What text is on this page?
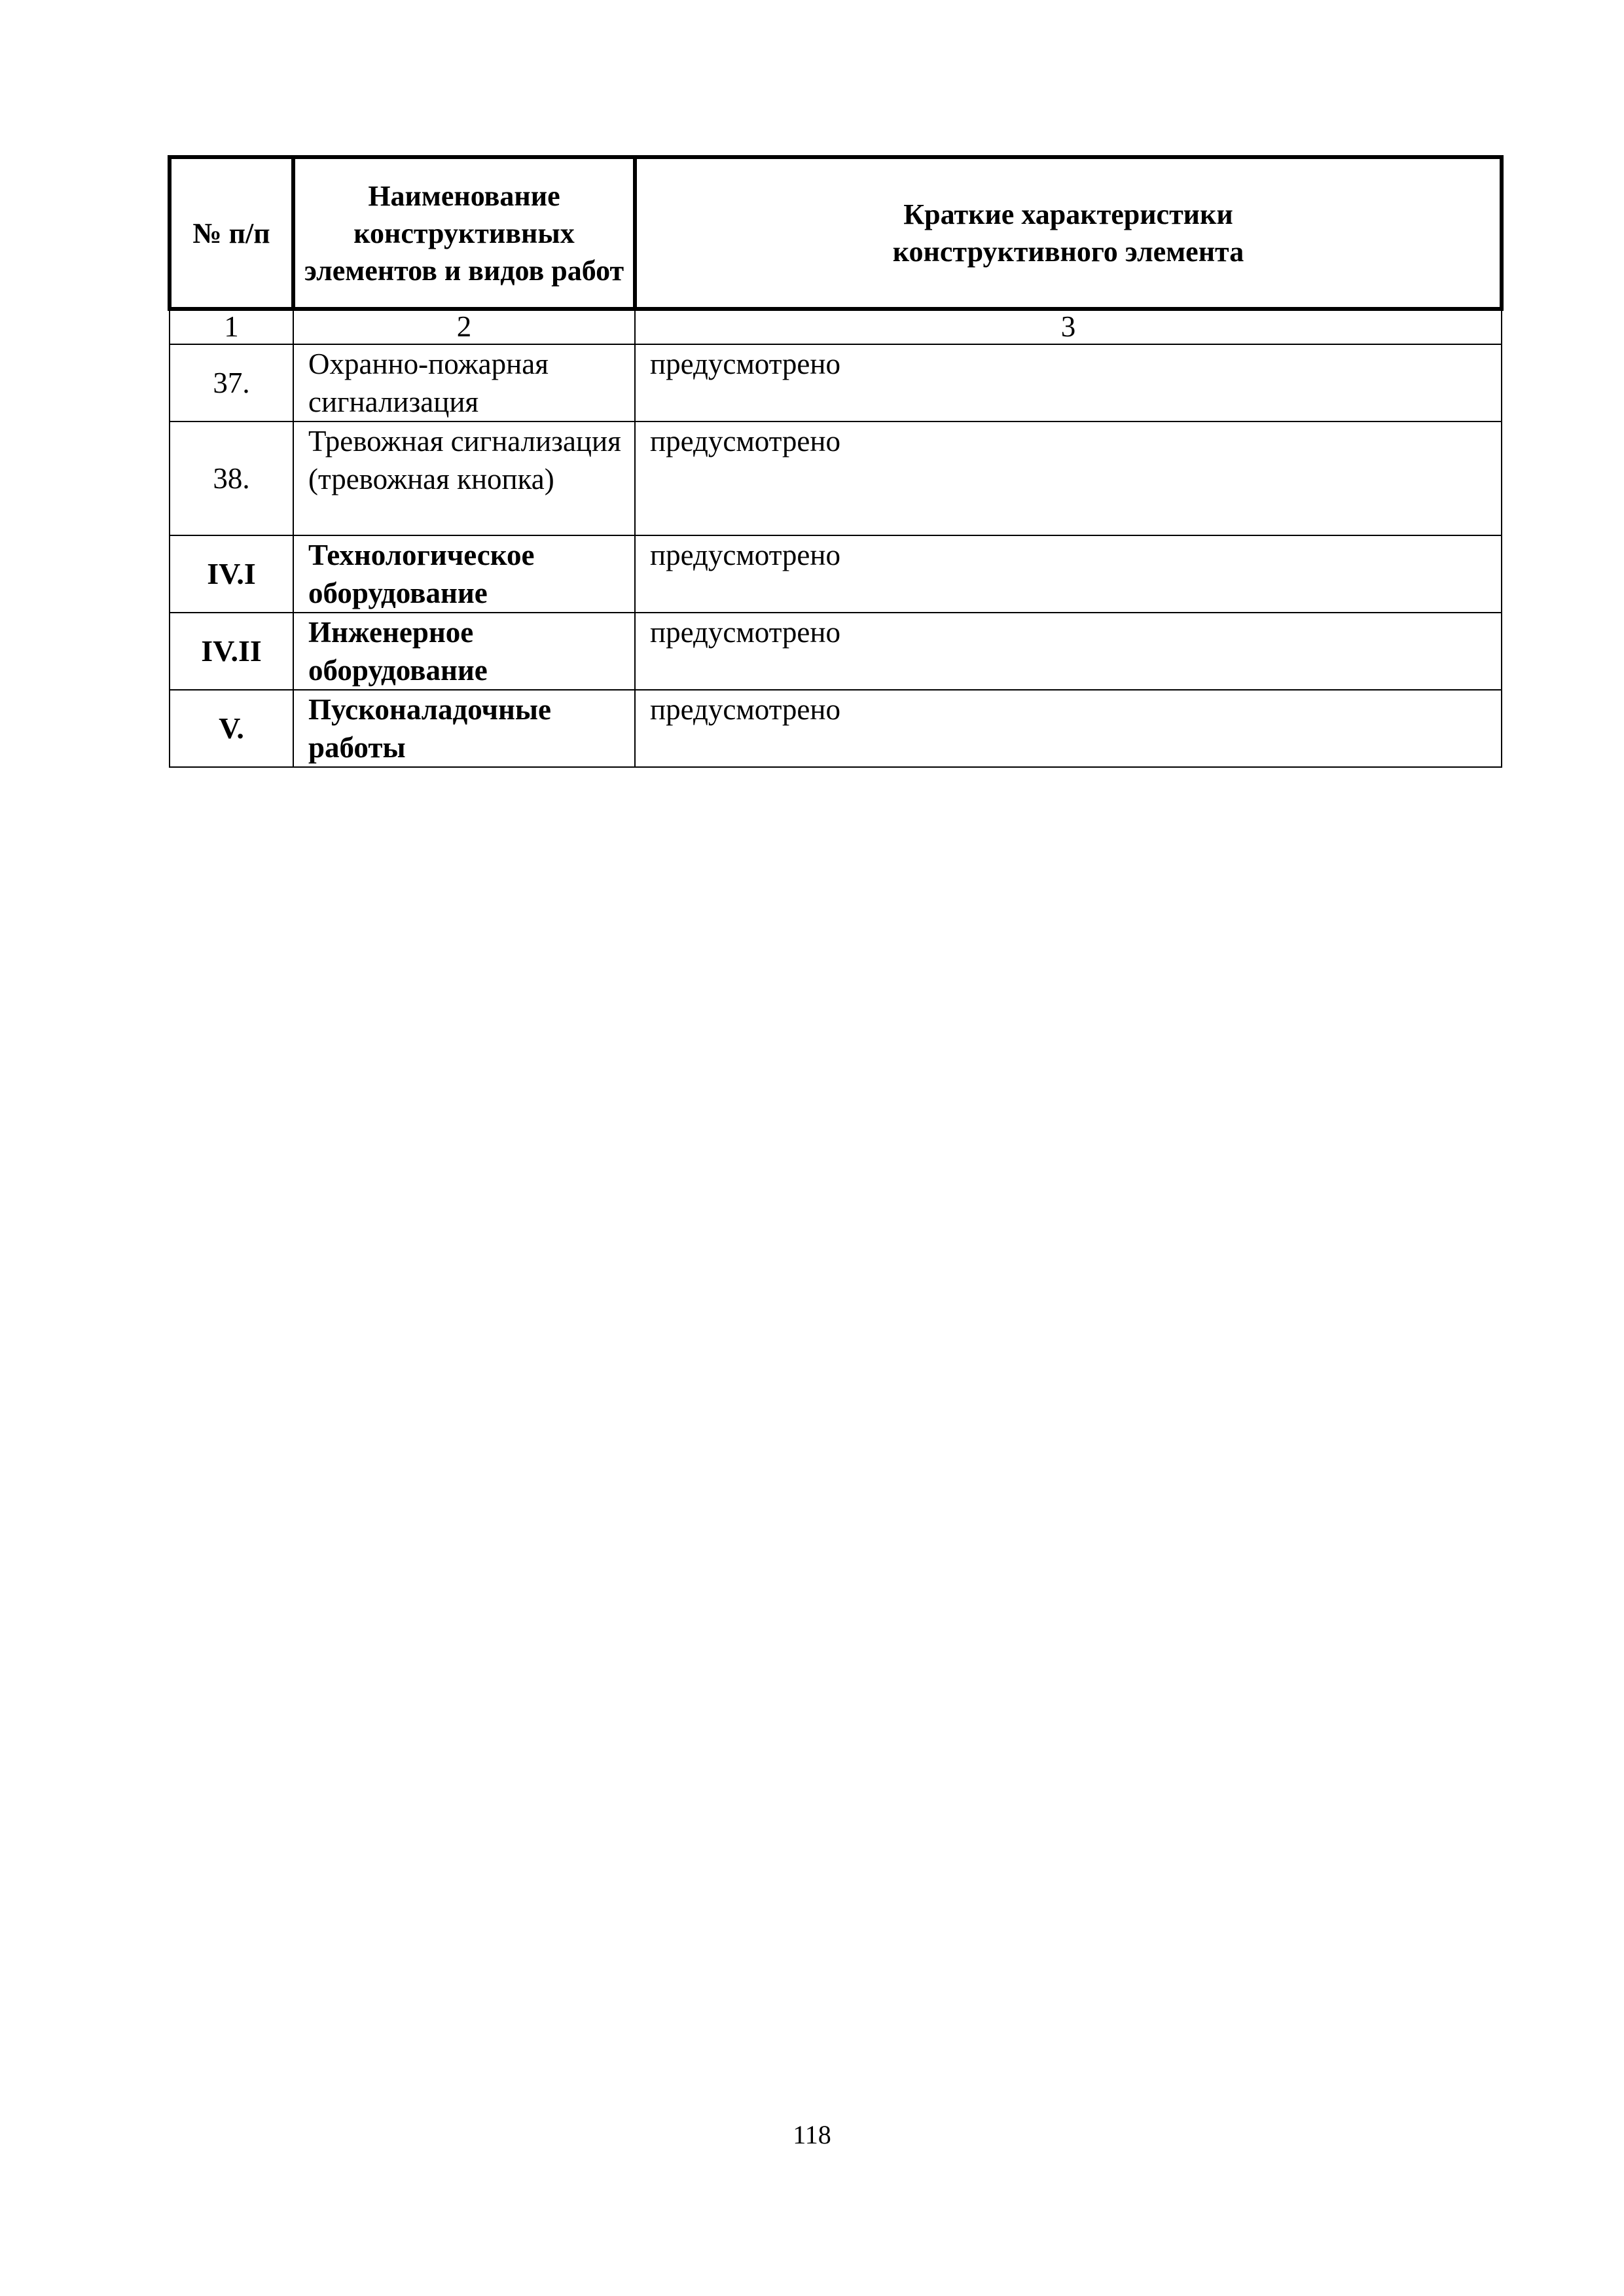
№ п/п	Наименование конструктивных элементов и видов работ	Краткие характеристики
конструктивного элемента
1	2	3
37.	Охранно-пожарная сигнализация	предусмотрено
38.	Тревожная сигнализация (тревожная кнопка)	предусмотрено
IV.I	Технологическое оборудование	предусмотрено
IV.II	Инженерное оборудование	предусмотрено
V.	Пусконаладочные работы	предусмотрено
118
